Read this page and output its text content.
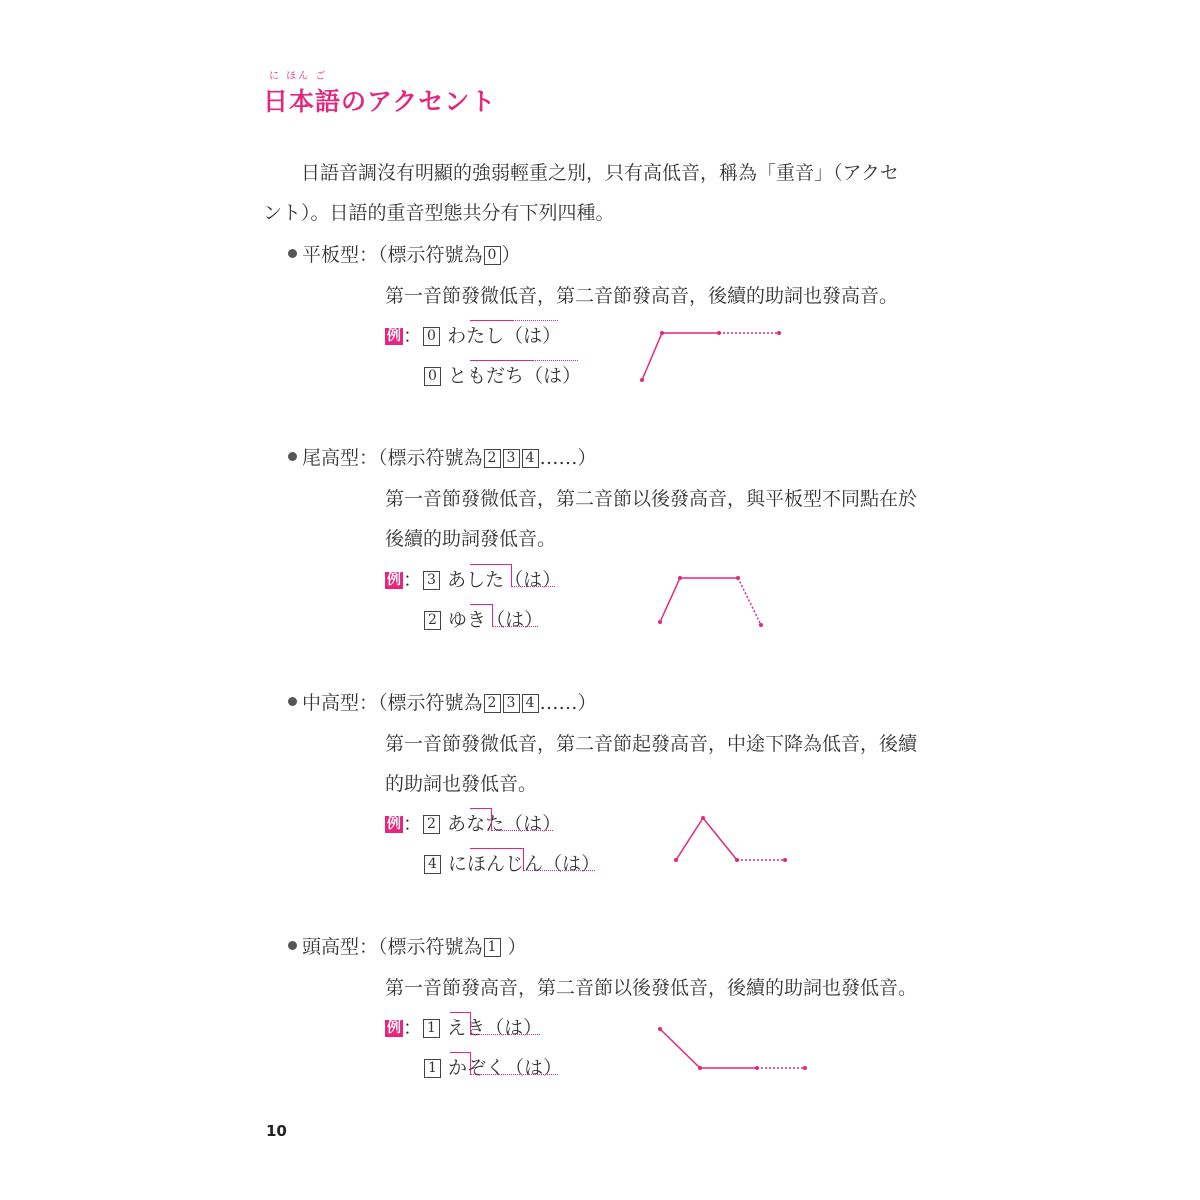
に ほん ご
日本語のアクセント
日語音調沒有明顯的強弱輕重之別，只有高低音，稱為「重音」（アクセ
ント）。日語的重音型態共分有下列四種。
平板型：（標示符號為 0 ）
第一音節發微低音，第二音節發高音，後續的助詞也發高音。
例 ： 0 わたし（は）
0 ともだち（は）
尾高型：（標示符號為 2 3 4 ……）
第一音節發微低音，第二音節以後發高音，與平板型不同點在於
後續的助詞發低音。
例 ： 3 あした（は）
2 ゆき（は）
中高型：（標示符號為 2 3 4 ……）
第一音節發微低音，第二音節起發高音，中途下降為低音，後續
的助詞也發低音。
例 ： 2 あなた（は）
4 にほんじん（は）
頭高型：（標示符號為 1 ）
第一音節發高音，第二音節以後發低音，後續的助詞也發低音。
例 ： 1 えき（は）
1 かぞく（は）
10
